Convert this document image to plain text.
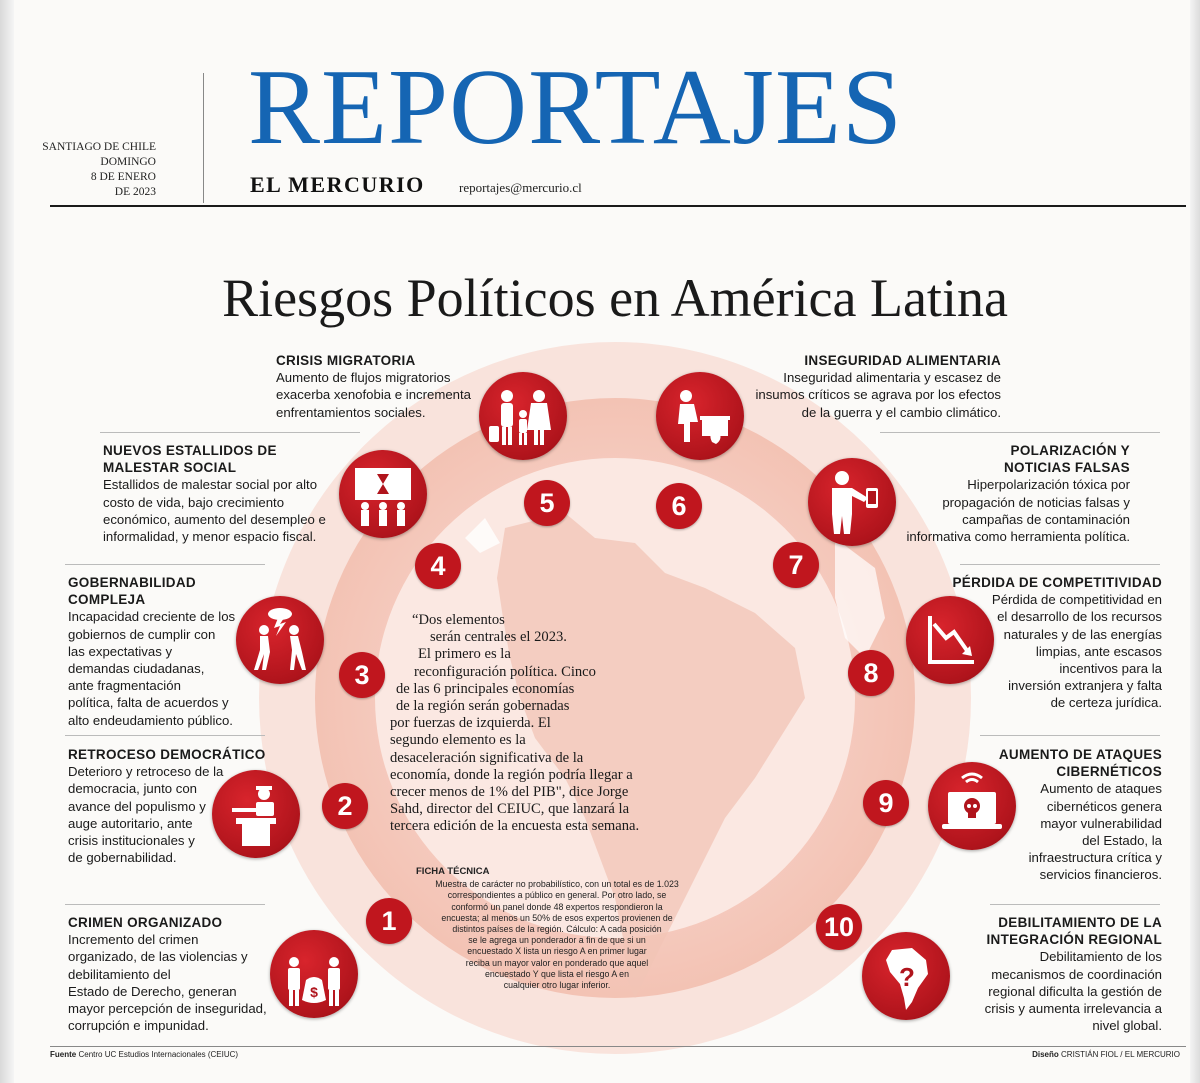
SANTIAGO DE CHILE
DOMINGO
8 DE ENERO
DE 2023
REPORTAJES
EL MERCURIO	reportajes@mercurio.cl
Riesgos Políticos en América Latina
“Dos elementos
serán centrales el 2023.
El primero es la
reconfiguración política. Cinco
de las 6 principales economías
de la región serán gobernadas
por fuerzas de izquierda. El
segundo elemento es la
desaceleración significativa de la
economía, donde la región podría llegar a
crecer menos de 1% del PIB", dice Jorge
Sahd, director del CEIUC, que lanzará la
tercera edición de la encuesta esta semana.
FICHA TÉCNICA
Muestra de carácter no probabilístico, con un total es de 1.023
correspondientes a público en general. Por otro lado, se
conformó un panel donde 48 expertos respondieron la
encuesta; al menos un 50% de esos expertos provienen de
distintos países de la región. Cálculo: A cada posición
se le agrega un ponderador a fin de que si un
encuestado X lista un riesgo A en primer lugar
reciba un mayor valor en ponderado que aquel
encuestado Y que lista el riesgo A en
cualquier otro lugar inferior.
CRISIS MIGRATORIA

Aumento de flujos migratorios

exacerba xenofobia e incrementa

enfrentamientos sociales.

NUEVOS ESTALLIDOS DE
MALESTAR SOCIAL

Estallidos de malestar social por alto

costo de vida, bajo crecimiento

económico, aumento del desempleo e

informalidad, y menor espacio fiscal.

GOBERNABILIDAD COMPLEJA

Incapacidad creciente de los

gobiernos de cumplir con

las expectativas y

demandas ciudadanas,

ante fragmentación

política, falta de acuerdos y

alto endeudamiento público.

RETROCESO DEMOCRÁTICO

Deterioro y retroceso de la

democracia, junto con

avance del populismo y

auge autoritario, ante

crisis institucionales y

de gobernabilidad.

CRIMEN ORGANIZADO

Incremento del crimen

organizado, de las violencias y

debilitamiento del

Estado de Derecho, generan

mayor percepción de inseguridad,

corrupción e impunidad.

INSEGURIDAD ALIMENTARIA

Inseguridad alimentaria y escasez de

insumos críticos se agrava por los efectos

de la guerra y el cambio climático.

POLARIZACIÓN Y
NOTICIAS FALSAS

Hiperpolarización tóxica por

propagación de noticias falsas y

campañas de contaminación

informativa como herramienta política.

PÉRDIDA DE COMPETITIVIDAD

Pérdida de competitividad en

el desarrollo de los recursos

naturales y de las energías

limpias, ante escasos

incentivos para la

inversión extranjera y falta

de certeza jurídica.

AUMENTO DE ATAQUES
CIBERNÉTICOS

Aumento de ataques

cibernéticos genera

mayor vulnerabilidad

del Estado, la

infraestructura crítica y

servicios financieros.

DEBILITAMIENTO DE LA
INTEGRACIÓN REGIONAL

Debilitamiento de los

mecanismos de coordinación

regional dificulta la gestión de

crisis y aumenta irrelevancia a

nivel global.

$
1
2
3
4
5	6
7
8
9
?
10
Fuente Centro UC Estudios Internacionales (CEIUC)	Diseño CRISTIÁN FIOL / EL MERCURIO
